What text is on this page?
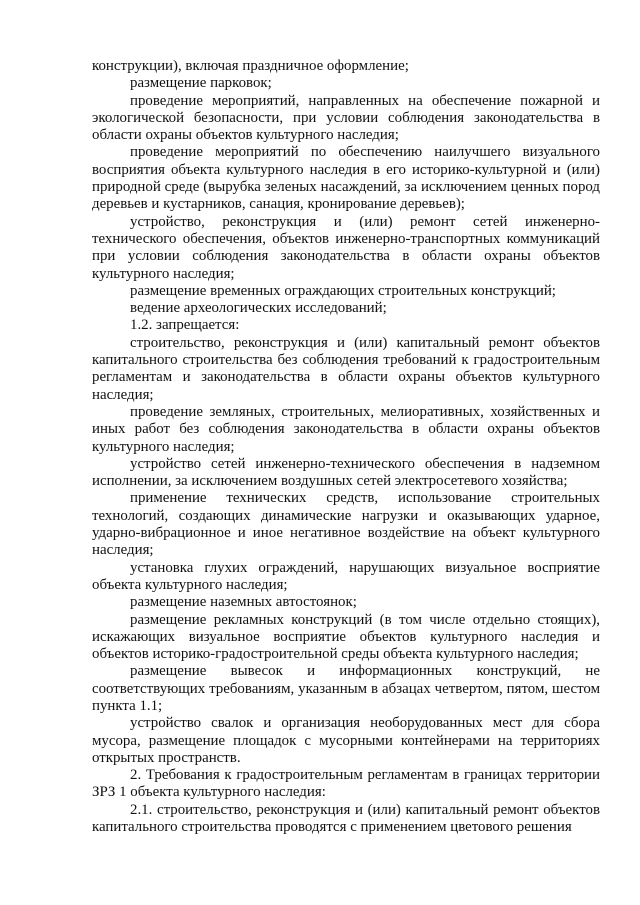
конструкции), включая праздничное оформление;

размещение парковок;

проведение мероприятий, направленных на обеспечение пожарной и экологической безопасности, при условии соблюдения законодательства в области охраны объектов культурного наследия;

проведение мероприятий по обеспечению наилучшего визуального восприятия объекта культурного наследия в его историко-культурной и (или) природной среде (вырубка зеленых насаждений, за исключением ценных пород деревьев и кустарников, санация, кронирование деревьев);

устройство, реконструкция и (или) ремонт сетей инженерно-технического обеспечения, объектов инженерно-транспортных коммуникаций при условии соблюдения законодательства в области охраны объектов культурного наследия;

размещение временных ограждающих строительных конструкций;

ведение археологических исследований;

1.2. запрещается:

строительство, реконструкция и (или) капитальный ремонт объектов капитального строительства без соблюдения требований к градостроительным регламентам и законодательства в области охраны объектов культурного наследия;

проведение земляных, строительных, мелиоративных, хозяйственных и иных работ без соблюдения законодательства в области охраны объектов культурного наследия;

устройство сетей инженерно-технического обеспечения в надземном исполнении, за исключением воздушных сетей электросетевого хозяйства;

применение технических средств, использование строительных технологий, создающих динамические нагрузки и оказывающих ударное, ударно-вибрационное и иное негативное воздействие на объект культурного наследия;

установка глухих ограждений, нарушающих визуальное восприятие объекта культурного наследия;

размещение наземных автостоянок;

размещение рекламных конструкций (в том числе отдельно стоящих), искажающих визуальное восприятие объектов культурного наследия и объектов историко-градостроительной среды объекта культурного наследия;

размещение вывесок и информационных конструкций, не соответствующих требованиям, указанным в абзацах четвертом, пятом, шестом пункта 1.1;

устройство свалок и организация необорудованных мест для сбора мусора, размещение площадок с мусорными контейнерами на территориях открытых пространств.

2. Требования к градостроительным регламентам в границах территории ЗРЗ 1 объекта культурного наследия:

2.1. строительство, реконструкция и (или) капитальный ремонт объектов капитального строительства проводятся с применением цветового решения
